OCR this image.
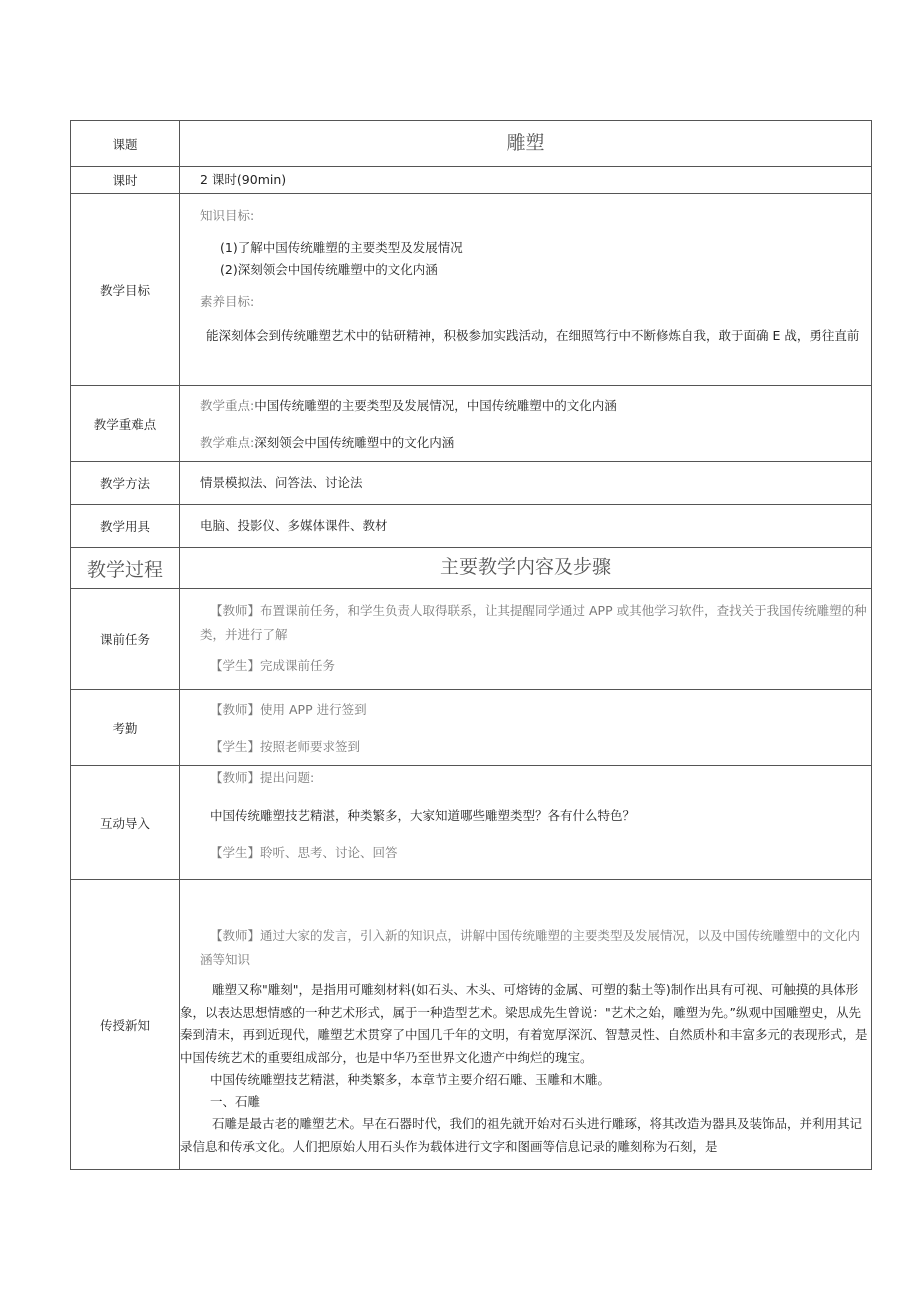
课题	雕塑
课时	2 课时(90min)
教学目标	知识目标:

(1)了解中国传统雕塑的主要类型及发展情况

(2)深刻领会中国传统雕塑中的文化内涵

素养目标:

能深刻体会到传统雕塑艺术中的钻研精神，积极参加实践活动，在细照笃行中不断修炼自我，敢于面确 E 战，勇往直前

教学重难点	教学重点:中国传统雕塑的主要类型及发展情况，中国传统雕塑中的文化内涵

教学难点:深刻领会中国传统雕塑中的文化内涵

教学方法	情景模拟法、问答法、讨论法
教学用具	电脑、投影仪、多媒体课件、教材
教学过程	主要教学内容及步骤
课前任务	【教师】布置课前任务，和学生负责人取得联系，让其提醒同学通过 APP 或其他学习软件，查找关于我国传统雕塑的种类，并进行了解

【学生】完成课前任务

考勤	【教师】使用 APP 进行签到

【学生】按照老师要求签到

互动导入	【教师】提出问题:

中国传统雕塑技艺精湛，种类繁多，大家知道哪些雕塑类型？各有什么特色？

【学生】聆听、思考、讨论、回答

传授新知	【教师】通过大家的发言，引入新的知识点，讲解中国传统雕塑的主要类型及发展情况，以及中国传统雕塑中的文化内涵等知识

雕塑又称"雕刻"，是指用可雕刻材料(如石头、木头、可熔铸的金属、可塑的黏土等)制作出具有可视、可触摸的具体形象，以表达思想情感的一种艺术形式，属于一种造型艺术。梁思成先生曾说："艺术之始，雕塑为先。”纵观中国雕塑史，从先秦到清末，再到近现代，雕塑艺术贯穿了中国几千年的文明，有着宽厚深沉、智慧灵性、自然质朴和丰富多元的表现形式，是中国传统艺术的重要组成部分，也是中华乃至世界文化遗产中绚烂的瑰宝。

中国传统雕塑技艺精湛，种类繁多，本章节主要介绍石雕、玉雕和木雕。

一、石雕

石雕是最古老的雕塑艺术。早在石器时代，我们的祖先就开始对石头进行雕琢，将其改造为器具及装饰品，并利用其记录信息和传承文化。人们把原始人用石头作为载体进行文字和图画等信息记录的雕刻称为石刻，是
